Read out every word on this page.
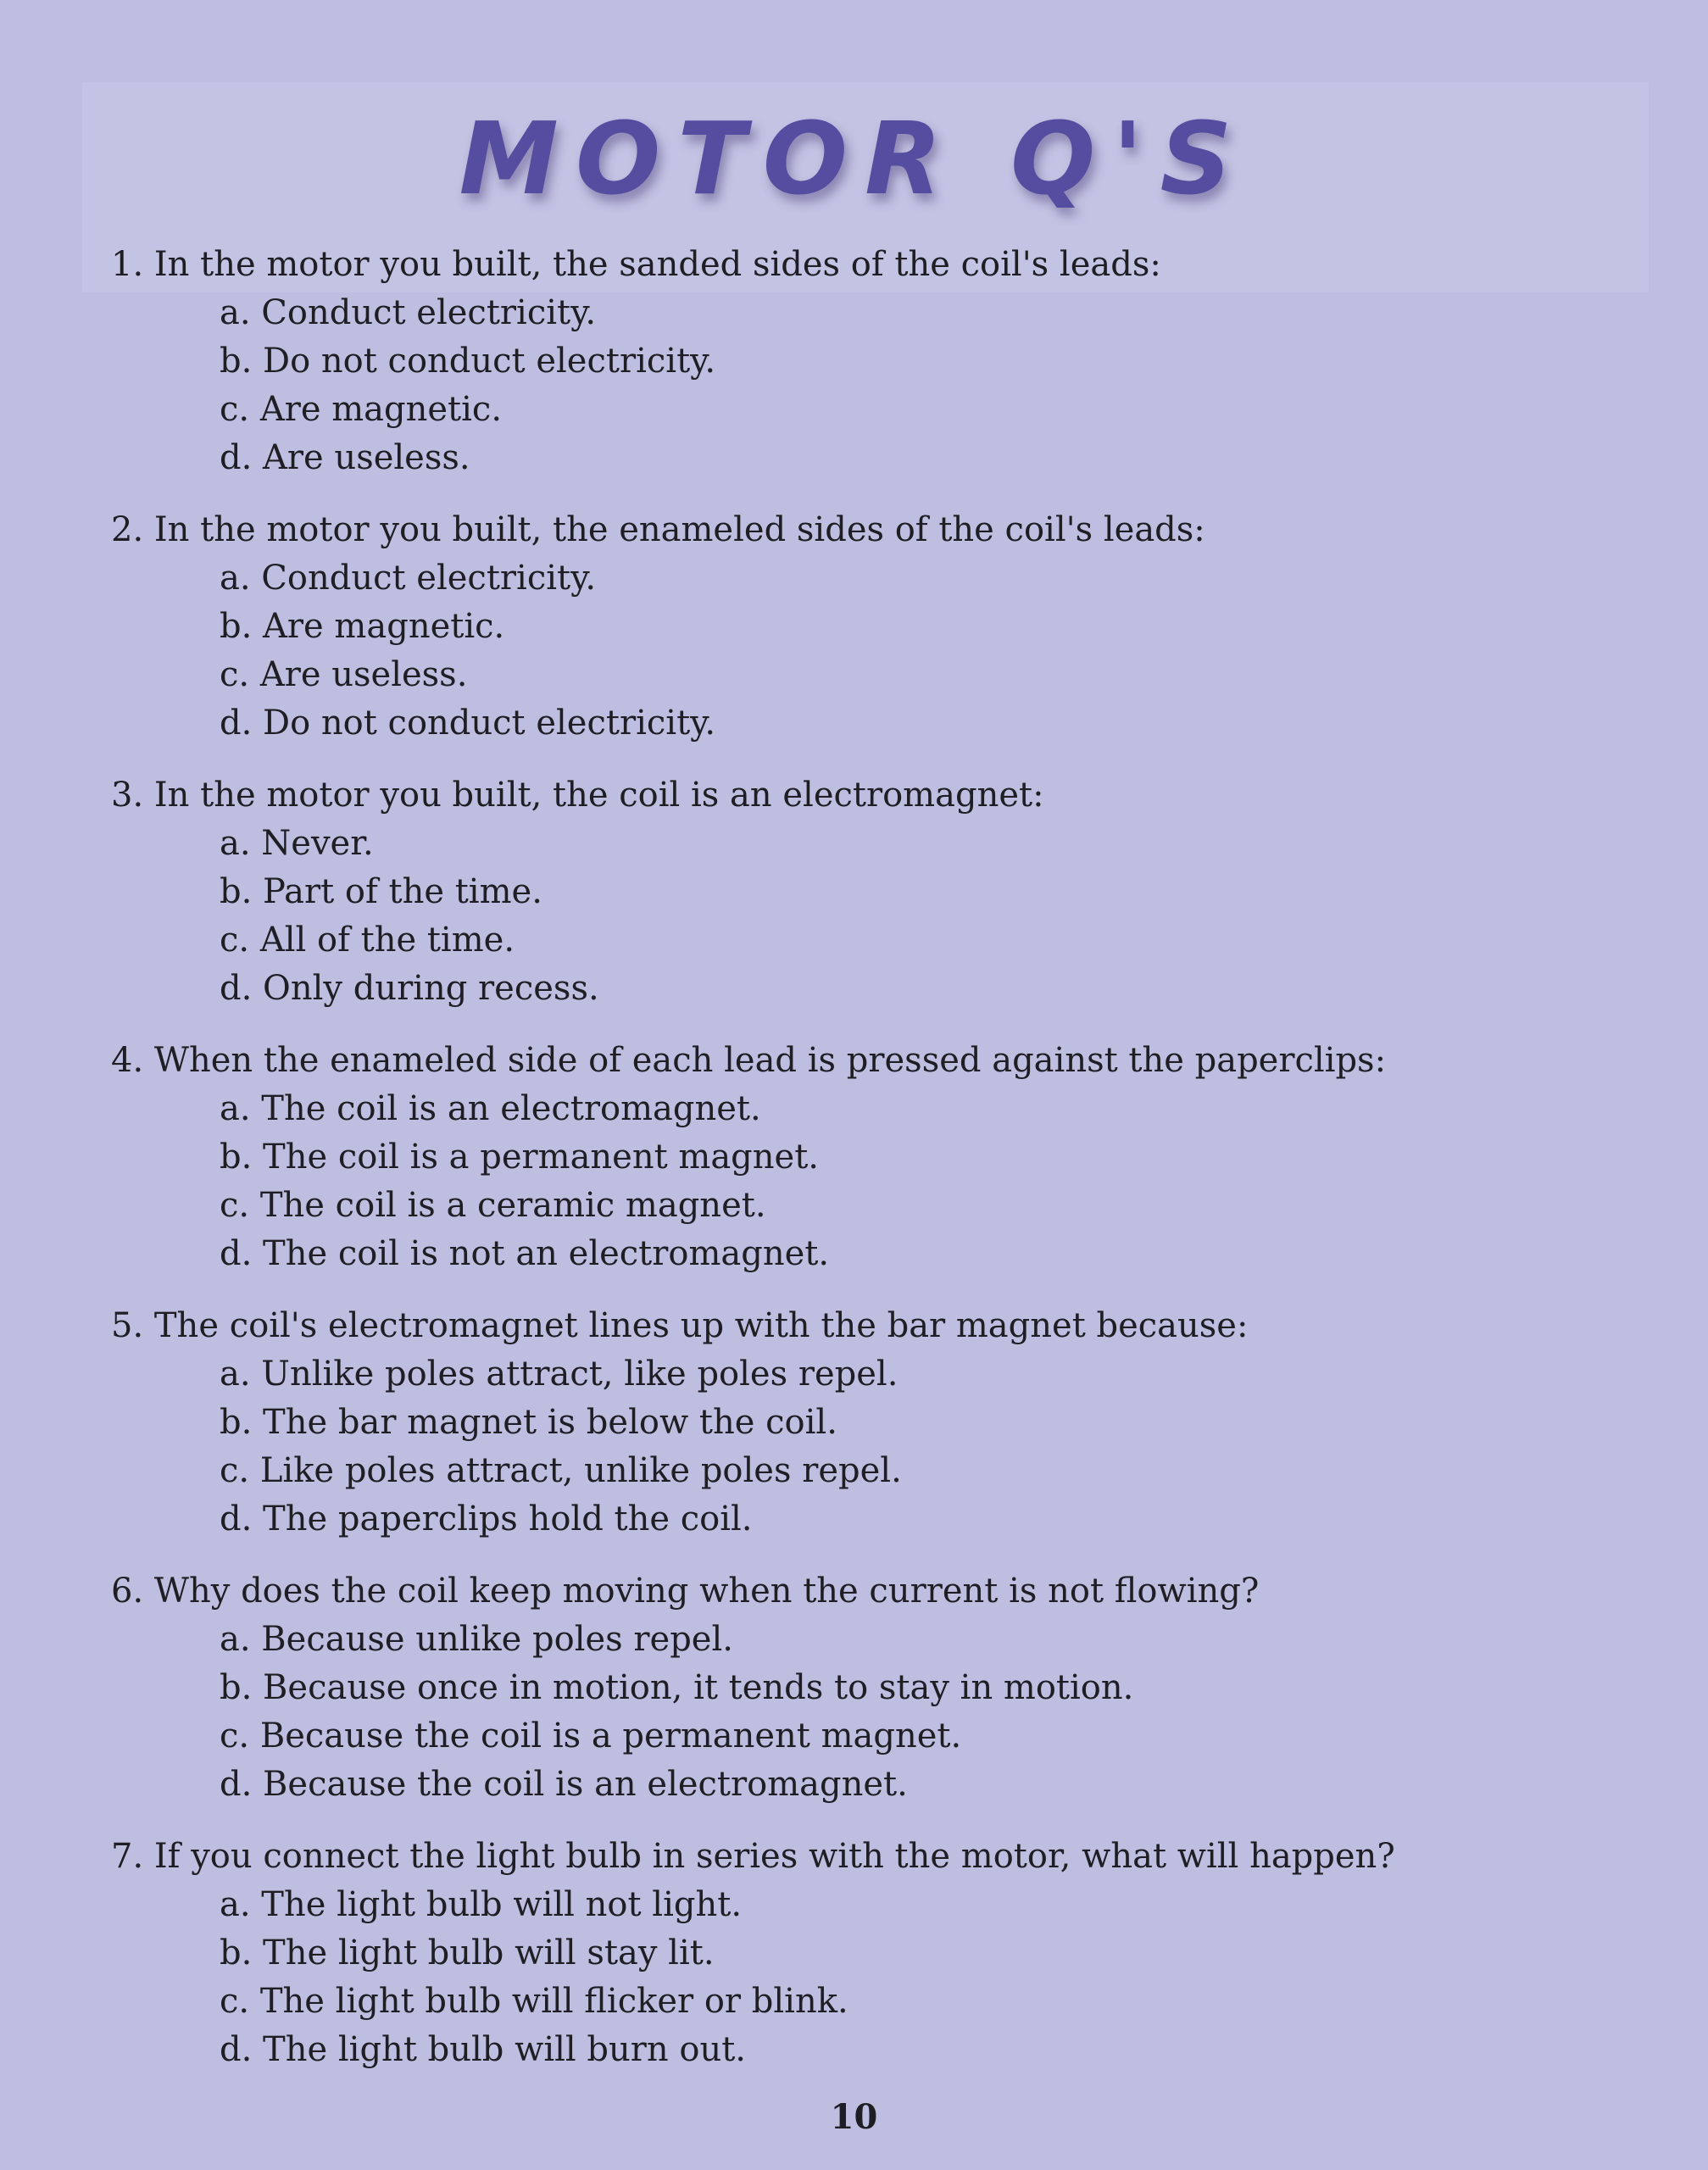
MOTOR Q'S
1. In the motor you built, the sanded sides of the coil's leads:
a. Conduct electricity.
b. Do not conduct electricity.
c. Are magnetic.
d. Are useless.
2. In the motor you built, the enameled sides of the coil's leads:
a. Conduct electricity.
b. Are magnetic.
c. Are useless.
d. Do not conduct electricity.
3. In the motor you built, the coil is an electromagnet:
a. Never.
b. Part of the time.
c. All of the time.
d. Only during recess.
4. When the enameled side of each lead is pressed against the paperclips:
a. The coil is an electromagnet.
b. The coil is a permanent magnet.
c. The coil is a ceramic magnet.
d. The coil is not an electromagnet.
5. The coil's electromagnet lines up with the bar magnet because:
a. Unlike poles attract, like poles repel.
b. The bar magnet is below the coil.
c. Like poles attract, unlike poles repel.
d. The paperclips hold the coil.
6. Why does the coil keep moving when the current is not flowing?
a. Because unlike poles repel.
b. Because once in motion, it tends to stay in motion.
c. Because the coil is a permanent magnet.
d. Because the coil is an electromagnet.
7. If you connect the light bulb in series with the motor, what will happen?
a. The light bulb will not light.
b. The light bulb will stay lit.
c. The light bulb will flicker or blink.
d. The light bulb will burn out.
10
